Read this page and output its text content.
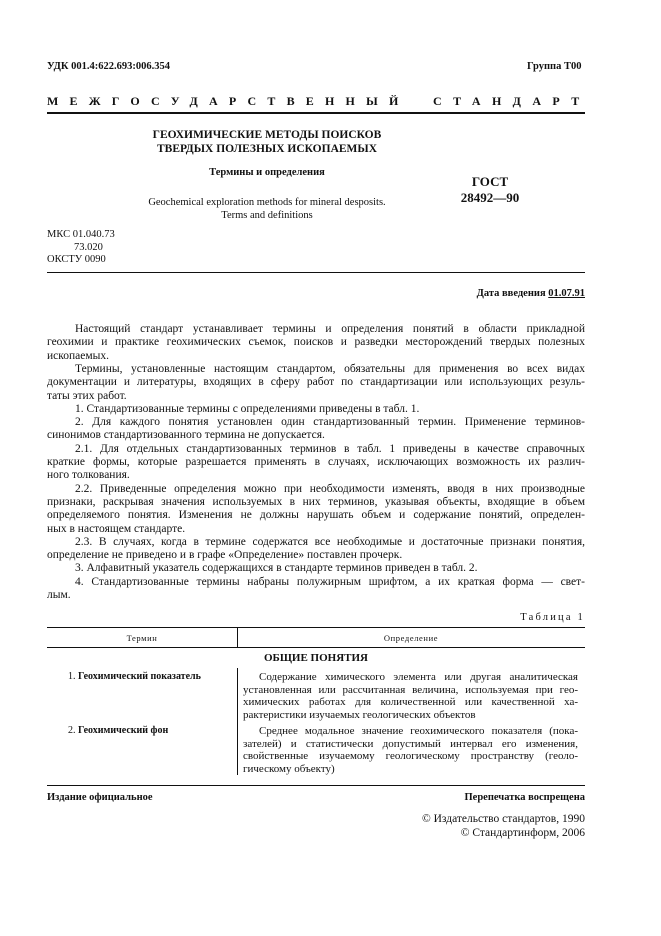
УДК 001.4:622.693:006.354	Группа Т00
МЕЖГОСУДАРСТВЕННЫЙ СТАНДАРТ
ГЕОХИМИЧЕСКИЕ МЕТОДЫ ПОИСКОВ
ТВЕРДЫХ ПОЛЕЗНЫХ ИСКОПАЕМЫХ
Термины и определения
Geochemical exploration methods for mineral desposits.
Terms and definitions
ГОСТ
28492—90
МКС 01.040.73
73.020
ОКСТУ 0090
Дата введения 01.07.91
Настоящий стандарт устанавливает термины и определения понятий в области прикладной
геохимии и практике геохимических съемок, поисков и разведки месторождений твердых полезных
ископаемых.
Термины, установленные настоящим стандартом, обязательны для применения во всех видах
документации и литературы, входящих в сферу работ по стандартизации или использующих резуль-
таты этих работ.
1. Стандартизованные термины с определениями приведены в табл. 1.
2. Для каждого понятия установлен один стандартизованный термин. Применение терминов-
синонимов стандартизованного термина не допускается.
2.1. Для отдельных стандартизованных терминов в табл. 1 приведены в качестве справочных
краткие формы, которые разрешается применять в случаях, исключающих возможность их различ-
ного толкования.
2.2. Приведенные определения можно при необходимости изменять, вводя в них производные
признаки, раскрывая значения используемых в них терминов, указывая объекты, входящие в объем
определяемого понятия. Изменения не должны нарушать объем и содержание понятий, определен-
ных в настоящем стандарте.
2.3. В случаях, когда в термине содержатся все необходимые и достаточные признаки понятия,
определение не приведено и в графе «Определение» поставлен прочерк.
3. Алфавитный указатель содержащихся в стандарте терминов приведен в табл. 2.
4. Стандартизованные термины набраны полужирным шрифтом, а их краткая форма — свет-
лым.
Таблица 1
Термин	Определение
ОБЩИЕ ПОНЯТИЯ
1. Геохимический показатель	Содержание химического элемента или другая аналитическая
установленная или рассчитанная величина, используемая при гео-
химических работах для количественной или качественной ха-
рактеристики изучаемых геологических объектов
2. Геохимический фон	Среднее модальное значение геохимического показателя (пока-
зателей) и статистически допустимый интервал его изменения,
свойственные изучаемому геологическому пространству (геоло-
гическому объекту)
Издание официальное	Перепечатка воспрещена
© Издательство стандартов, 1990
© Стандартинформ, 2006
